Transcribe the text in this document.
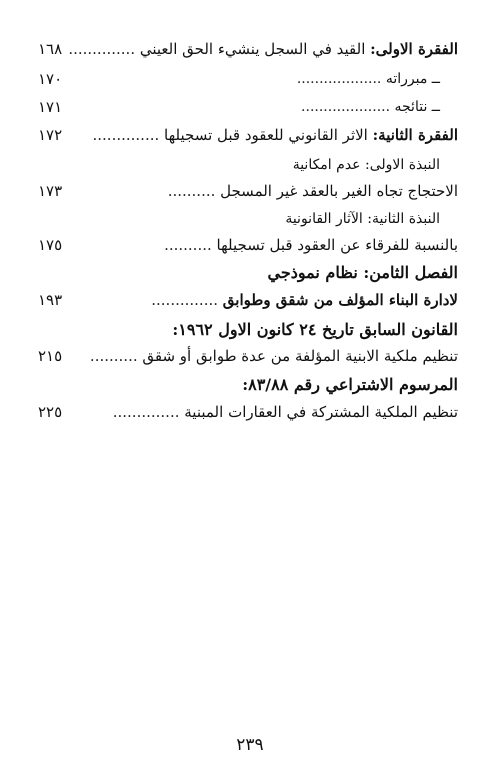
الفقرة الاولى: القيد في السجل ينشيء الحق العيني ..............
١٦٨
ــ مبرراته ...................
١٧٠
ــ نتائجه ....................
١٧١
الفقرة الثانية: الاثر القانوني للعقود قبل تسجيلها ..............
١٧٢
النبذة الاولى: عدم امكانية
الاحتجاج تجاه الغير بالعقد غير المسجل ..........
١٧٣
النبذة الثانية: الآثار القانونية
بالنسبة للفرقاء عن العقود قبل تسجيلها ..........
١٧٥
الفصل الثامن: نظام نموذجي
لادارة البناء المؤلف من شقق وطوابق ..............
١٩٣
القانون السابق تاريخ ٢٤ كانون الاول ١٩٦٢:
تنظيم ملكية الابنية المؤلفة من عدة طوابق أو شقق ..........
٢١٥
المرسوم الاشتراعي رقم ٨٣/٨٨:
تنظيم الملكية المشتركة في العقارات المبنية ..............
٢٢٥
٢٣٩
